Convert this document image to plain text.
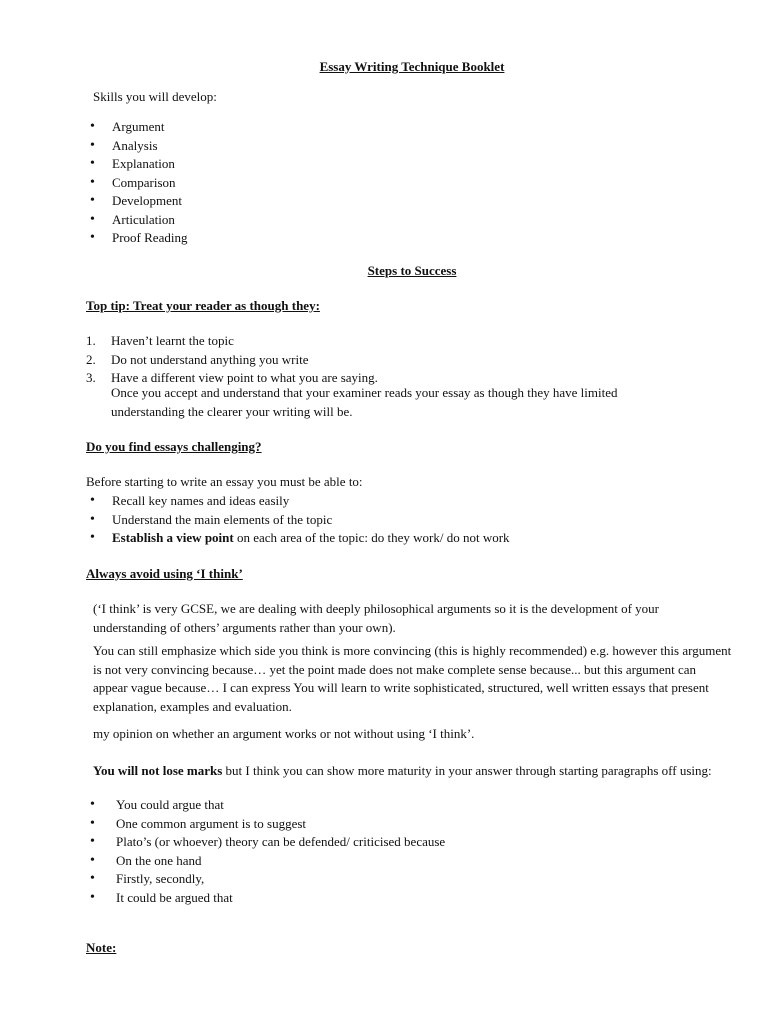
Essay Writing Technique Booklet
Skills you will develop:
• Argument
• Analysis
• Explanation
• Comparison
• Development
• Articulation
• Proof Reading
Steps to Success
Top tip: Treat your reader as though they:
1. Haven’t learnt the topic
2. Do not understand anything you write
3. Have a different view point to what you are saying.

Once you accept and understand that your examiner reads your essay as though they have limited understanding the clearer your writing will be.

Do you find essays challenging?
Before starting to write an essay you must be able to:
• Recall key names and ideas easily
• Understand the main elements of the topic
• Establish a view point on each area of the topic: do they work/ do not work
Always avoid using ‘I think’

(‘I think’ is very GCSE, we are dealing with deeply philosophical arguments so it is the development of your understanding of others’ arguments rather than your own).

You can still emphasize which side you think is more convincing (this is highly recommended) e.g. however this argument is not very convincing because… yet the point made does not make complete sense because... but this argument can appear vague because… I can express You will learn to write sophisticated, structured, well written essays that present explanation, examples and evaluation.

my opinion on whether an argument works or not without using ‘I think’.

You will not lose marks but I think you can show more maturity in your answer through starting paragraphs off using:

• You could argue that
• One common argument is to suggest
• Plato’s (or whoever) theory can be defended/ criticised because
• On the one hand
• Firstly, secondly,
• It could be argued that
Note:
